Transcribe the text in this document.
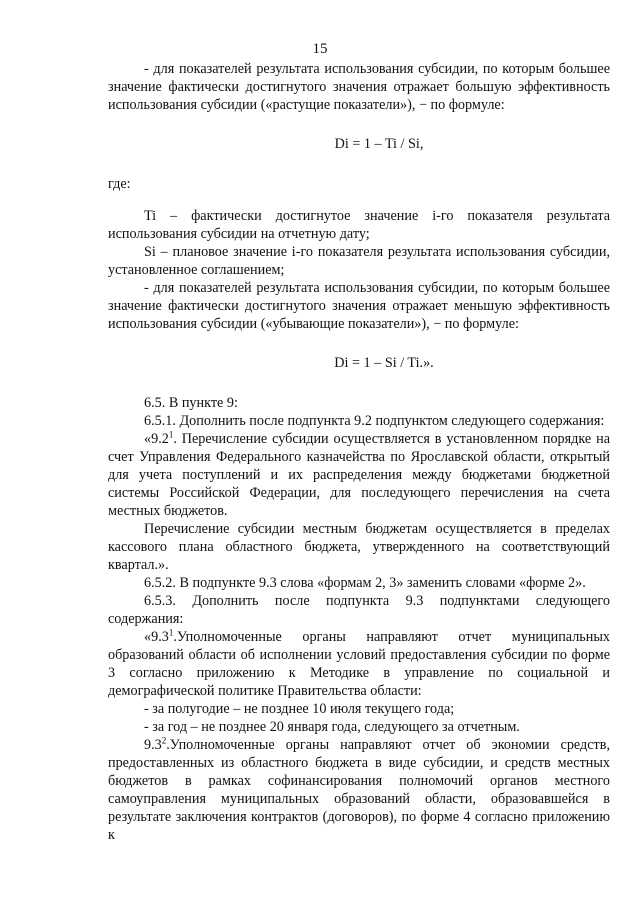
15

- для показателей результата использования субсидии, по которым большее значение фактически достигнутого значения отражает большую эффективность использования субсидии («растущие показатели»), − по формуле:

Di = 1 – Ti / Si,

где:

Ti – фактически достигнутое значение i-го показателя результата использования субсидии на отчетную дату;

Si – плановое значение i-го показателя результата использования субсидии, установленное соглашением;

- для показателей результата использования субсидии, по которым большее значение фактически достигнутого значения отражает меньшую эффективность использования субсидии («убывающие показатели»), − по формуле:

Di = 1 – Si / Ti.».

6.5. В пункте 9:

6.5.1. Дополнить после подпункта 9.2 подпунктом следующего содержания:

«$9.2^1$. Перечисление субсидии осуществляется в установленном порядке на счет Управления Федерального казначейства по Ярославской области, открытый для учета поступлений и их распределения между бюджетами бюджетной системы Российской Федерации, для последующего перечисления на счета местных бюджетов.

Перечисление субсидии местным бюджетам осуществляется в пределах кассового плана областного бюджета, утвержденного на соответствующий квартал.».

6.5.2. В подпункте 9.3 слова «формам 2, 3» заменить словами «форме 2».

6.5.3. Дополнить после подпункта 9.3 подпунктами следующего содержания:

«$9.3^1.Уполномоченные$ органы направляют отчет муниципальных образований области об исполнении условий предоставления субсидии по форме 3 согласно приложению к Методике в управление по социальной и демографической политике Правительства области:

- за полугодие – не позднее 10 июля текущего года;

- за год – не позднее 20 января года, следующего за отчетным.

$9.3^2.Уполномоченные$ органы направляют отчет об экономии средств, предоставленных из областного бюджета в виде субсидии, и средств местных бюджетов в рамках софинансирования полномочий органов местного самоуправления муниципальных образований области, образовавшейся в результате заключения контрактов (договоров), по форме 4 согласно приложению к
